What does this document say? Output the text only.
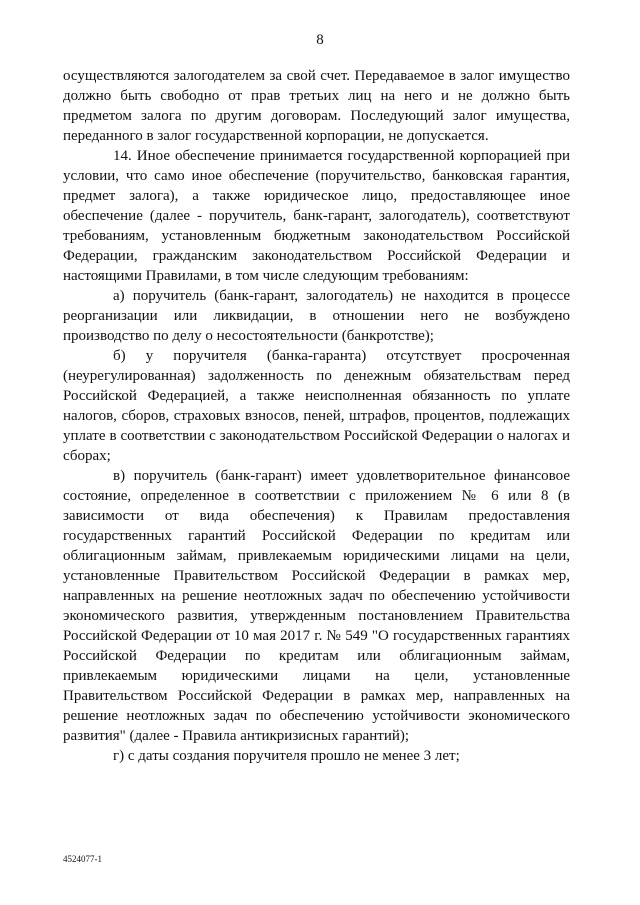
8

осуществляются залогодателем за свой счет. Передаваемое в залог имущество должно быть свободно от прав третьих лиц на него и не должно быть предметом залога по другим договорам. Последующий залог имущества, переданного в залог государственной корпорации, не допускается.

14. Иное обеспечение принимается государственной корпорацией при условии, что само иное обеспечение (поручительство, банковская гарантия, предмет залога), а также юридическое лицо, предоставляющее иное обеспечение (далее - поручитель, банк-гарант, залогодатель), соответствуют требованиям, установленным бюджетным законодательством Российской Федерации, гражданским законодательством Российской Федерации и настоящими Правилами, в том числе следующим требованиям:

а) поручитель (банк-гарант, залогодатель) не находится в процессе реорганизации или ликвидации, в отношении него не возбуждено производство по делу о несостоятельности (банкротстве);

б) у поручителя (банка-гаранта) отсутствует просроченная (неурегулированная) задолженность по денежным обязательствам перед Российской Федерацией, а также неисполненная обязанность по уплате налогов, сборов, страховых взносов, пеней, штрафов, процентов, подлежащих уплате в соответствии с законодательством Российской Федерации о налогах и сборах;

в) поручитель (банк-гарант) имеет удовлетворительное финансовое состояние, определенное в соответствии с приложением № 6 или 8 (в зависимости от вида обеспечения) к Правилам предоставления государственных гарантий Российской Федерации по кредитам или облигационным займам, привлекаемым юридическими лицами на цели, установленные Правительством Российской Федерации в рамках мер, направленных на решение неотложных задач по обеспечению устойчивости экономического развития, утвержденным постановлением Правительства Российской Федерации от 10 мая 2017 г. № 549 "О государственных гарантиях Российской Федерации по кредитам или облигационным займам, привлекаемым юридическими лицами на цели, установленные Правительством Российской Федерации в рамках мер, направленных на решение неотложных задач по обеспечению устойчивости экономического развития" (далее - Правила антикризисных гарантий);

г) с даты создания поручителя прошло не менее 3 лет;

4524077-1
